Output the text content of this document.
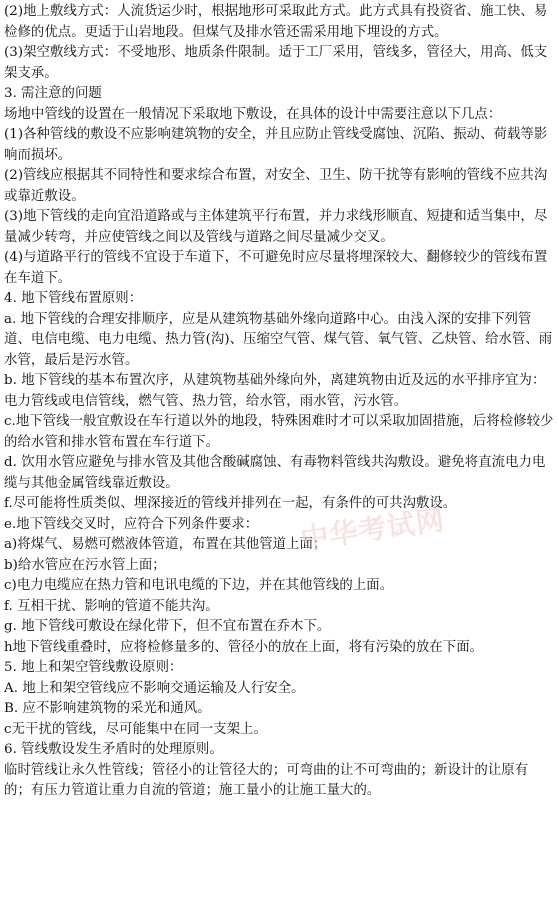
(2)地上敷线方式：人流货运少时，根据地形可采取此方式。此方式具有投资省、施工快、易检修的优点。更适于山岩地段。但煤气及排水管还需采用地下埋设的方式。

(3)架空敷线方式：不受地形、地质条件限制。适于工厂采用，管线多，管径大，用高、低支架支承。

3. 需注意的问题

场地中管线的设置在一般情况下采取地下敷设，在具体的设计中需要注意以下几点：

(1)各种管线的敷设不应影响建筑物的安全，并且应防止管线受腐蚀、沉陷、振动、荷载等影响而损坏。

(2)管线应根据其不同特性和要求综合布置，对安全、卫生、防干扰等有影响的管线不应共沟或靠近敷设。

(3)地下管线的走向宜沿道路或与主体建筑平行布置，并力求线形顺直、短捷和适当集中，尽量减少转弯，并应使管线之间以及管线与道路之间尽量减少交叉。

(4)与道路平行的管线不宜设于车道下，不可避免时应尽量将埋深较大、翻修较少的管线布置在车道下。

4. 地下管线布置原则：

a. 地下管线的合理安排顺序，应是从建筑物基础外缘向道路中心。由浅入深的安排下列管道、电信电缆、电力电缆、热力管(沟)、压缩空气管、煤气管、氧气管、乙炔管、给水管、雨水管，最后是污水管。

b. 地下管线的基本布置次序，从建筑物基础外缘向外，离建筑物由近及远的水平排序宜为：电力管线或电信管线，燃气管、热力管，给水管，雨水管，污水管。

c.地下管线一般宜敷设在车行道以外的地段，特殊困难时才可以采取加固措施，后将检修较少的给水管和排水管布置在车行道下。

d. 饮用水管应避免与排水管及其他含酸碱腐蚀、有毒物料管线共沟敷设。避免将直流电力电缆与其他金属管线靠近敷设。

f.尽可能将性质类似、埋深接近的管线并排列在一起，有条件的可共沟敷设。

e.地下管线交叉时，应符合下列条件要求：

a)将煤气、易燃可燃液体管道，布置在其他管道上面；

b)给水管应在污水管上面；

c)电力电缆应在热力管和电讯电缆的下边，并在其他管线的上面。

f. 互相干扰、影响的管道不能共沟。

g. 地下管线可敷设在绿化带下，但不宜布置在乔木下。

h地下管线重叠时，应将检修量多的、管径小的放在上面，将有污染的放在下面。

5. 地上和架空管线敷设原则：

A. 地上和架空管线应不影响交通运输及人行安全。

B. 应不影响建筑物的采光和通风。

c无干扰的管线，尽可能集中在同一支架上。

6. 管线敷设发生矛盾时的处理原则。

临时管线让永久性管线；管径小的让管径大的；可弯曲的让不可弯曲的；新设计的让原有的；有压力管道让重力自流的管道；施工量小的让施工量大的。

中华考试网
